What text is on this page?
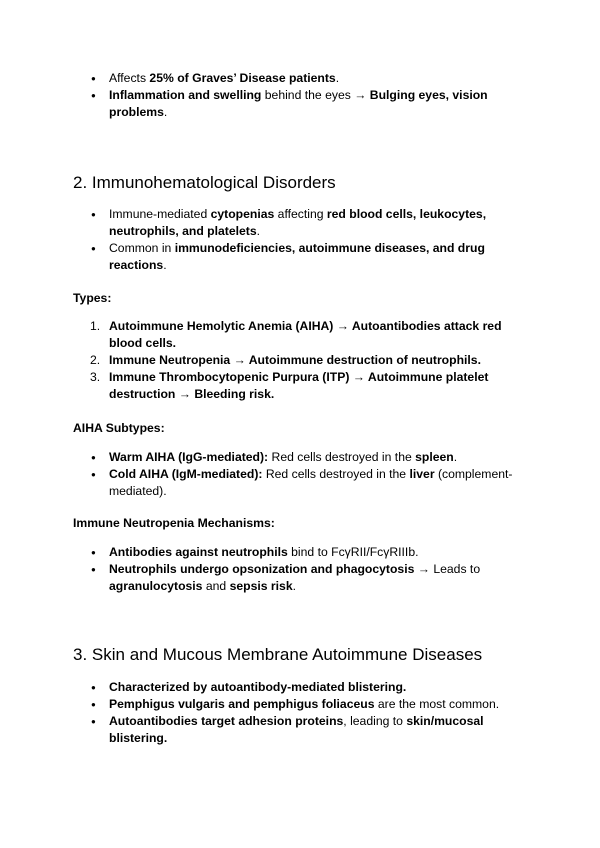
● Affects 25% of Graves’ Disease patients.
● Inflammation and swelling behind the eyes → Bulging eyes, vision problems.
2. Immunohematological Disorders
● Immune-mediated cytopenias affecting red blood cells, leukocytes, neutrophils, and platelets.
● Common in immunodeficiencies, autoimmune diseases, and drug reactions.
Types:
1. Autoimmune Hemolytic Anemia (AIHA) → Autoantibodies attack red blood cells.
2. Immune Neutropenia → Autoimmune destruction of neutrophils.
3. Immune Thrombocytopenic Purpura (ITP) → Autoimmune platelet destruction → Bleeding risk.
AIHA Subtypes:
● Warm AIHA (IgG-mediated): Red cells destroyed in the spleen.
● Cold AIHA (IgM-mediated): Red cells destroyed in the liver (complement-mediated).
Immune Neutropenia Mechanisms:
● Antibodies against neutrophils bind to FcγRII/FcγRIIIb.
● Neutrophils undergo opsonization and phagocytosis → Leads to agranulocytosis and sepsis risk.
3. Skin and Mucous Membrane Autoimmune Diseases
● Characterized by autoantibody-mediated blistering.
● Pemphigus vulgaris and pemphigus foliaceus are the most common.
● Autoantibodies target adhesion proteins, leading to skin/mucosal blistering.
